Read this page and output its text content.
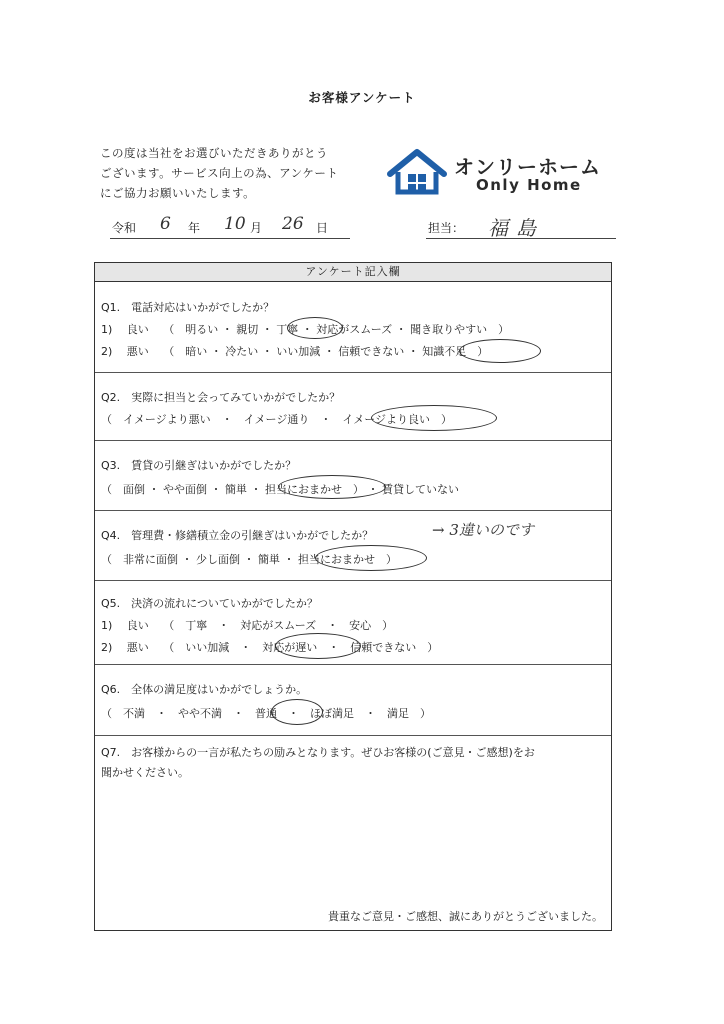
お客様アンケート
この度は当社をお選びいただきありがとう
ございます。サービス向上の為、アンケート
にご協力お願いいたします。
オンリーホーム
Only Home
令和 6 年 10 月 26 日	担当： 福島
→ 3違いのです
アンケート記入欄
Q1.　電話対応はいかがでしたか？
1)　 良い　 （　明るい ・ 親切 ・ 丁寧 ・ 対応がスムーズ ・ 聞き取りやすい　）
2)　 悪い　 （　暗い ・ 冷たい ・ いい加減 ・ 信頼できない ・ 知識不足　）
Q2.　実際に担当と会ってみていかがでしたか？
（　イメージより悪い　・　イメージ通り　・　イメージより良い　）
Q3.　賃貸の引継ぎはいかがでしたか？
（　面倒 ・ やや面倒 ・ 簡単 ・ 担当におまかせ　） ・ 賃貸していない
Q4.　管理費・修繕積立金の引継ぎはいかがでしたか？
（　非常に面倒 ・ 少し面倒 ・ 簡単 ・ 担当におまかせ　）
Q5.　決済の流れについていかがでしたか？
1)　 良い　 （　丁寧　・　対応がスムーズ　・　安心　）
2)　 悪い　 （　いい加減　・　対応が遅い　・　信頼できない　）
Q6.　全体の満足度はいかがでしょうか。
（　不満　・　やや不満　・　普通　・　ほぼ満足　・　満足　）
Q7.　お客様からの一言が私たちの励みとなります。ぜひお客様の(ご意見・ご感想)をお
聞かせください。
貴重なご意見・ご感想、誠にありがとうございました。
